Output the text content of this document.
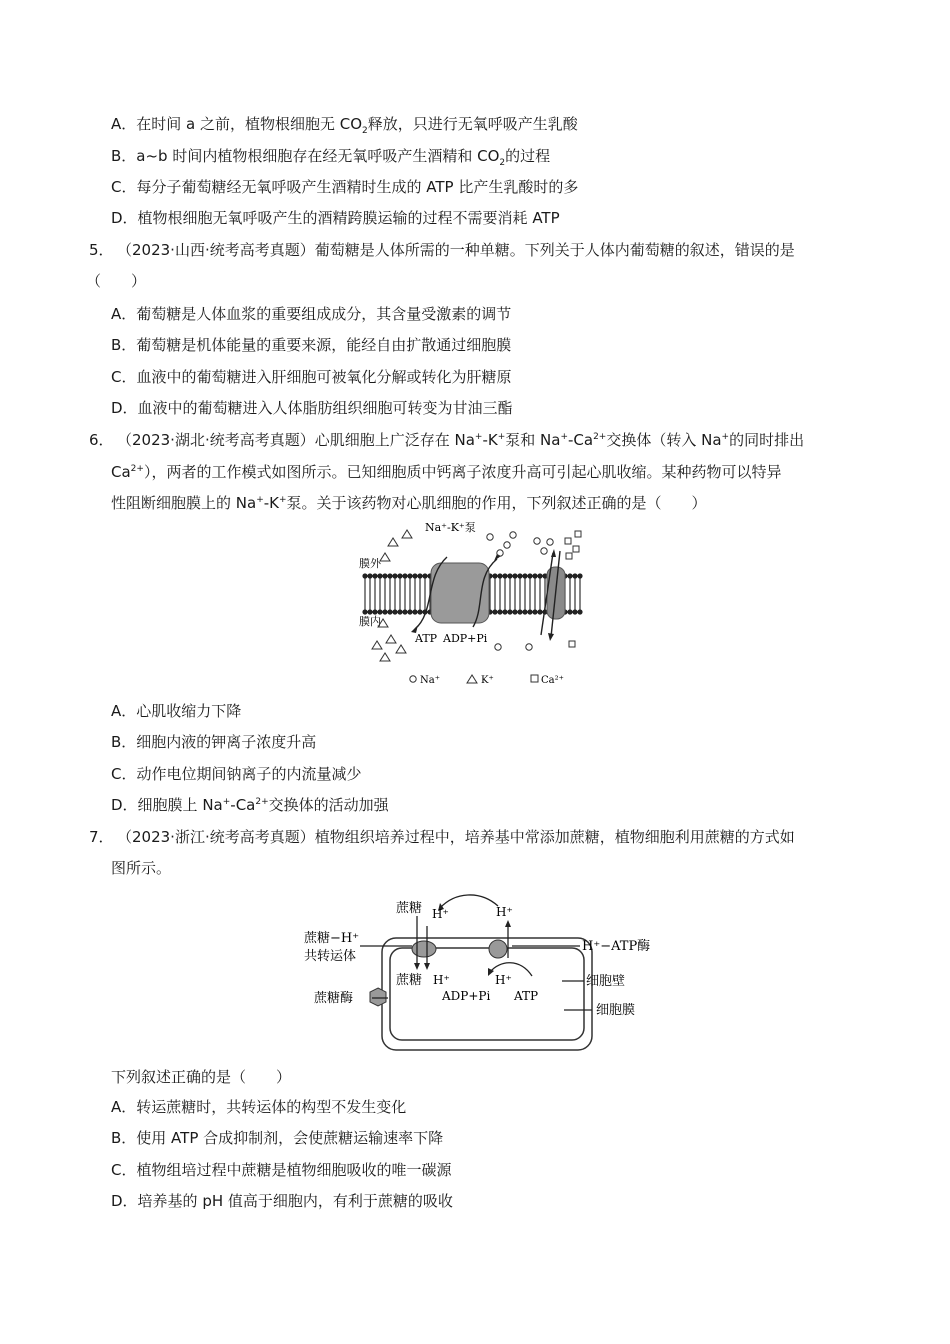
A．在时间 a 之前，植物根细胞无 $CO_2$释放，只进行无氧呼吸产生乳酸
B．a~b 时间内植物根细胞存在经无氧呼吸产生酒精和 $CO_2$的过程
C．每分子葡萄糖经无氧呼吸产生酒精时生成的 ATP 比产生乳酸时的多
D．植物根细胞无氧呼吸产生的酒精跨膜运输的过程不需要消耗 ATP
5． （2023·山西·统考高考真题）葡萄糖是人体所需的一种单糖。下列关于人体内葡萄糖的叙述，错误的是
（　　）
A．葡萄糖是人体血浆的重要组成成分，其含量受激素的调节
B．葡萄糖是机体能量的重要来源，能经自由扩散通过细胞膜
C．血液中的葡萄糖进入肝细胞可被氧化分解或转化为肝糖原
D．血液中的葡萄糖进入人体脂肪组织细胞可转变为甘油三酯
6． （2023·湖北·统考高考真题）心肌细胞上广泛存在 Na+-K+泵和 $Na^+-Ca^{2+}$交换体（转入 Na+的同时排出
$Ca^{2+}$），两者的工作模式如图所示。已知细胞质中钙离子浓度升高可引起心肌收缩。某种药物可以特异
性阻断细胞膜上的 Na+-K+泵。关于该药物对心肌细胞的作用，下列叙述正确的是（　　）
膜外
膜内
Na⁺-K⁺泵
ATP ADP+Pi
Na⁺	K⁺	Ca²⁺
A．心肌收缩力下降
B．细胞内液的钾离子浓度升高
C．动作电位期间钠离子的内流量减少
D．细胞膜上 $Na^+-Ca^{2+}$交换体的活动加强
7． （2023·浙江·统考高考真题）植物组织培养过程中，培养基中常添加蔗糖，植物细胞利用蔗糖的方式如
图所示。
蔗糖 H⁺	H⁺
蔗糖−H⁺
共转运体
H⁺−ATP酶
蔗糖 H⁺	H⁺
ADP+Pi ATP
细胞壁
蔗糖酶
细胞膜
下列叙述正确的是（　　）
A．转运蔗糖时，共转运体的构型不发生变化
B．使用 ATP 合成抑制剂，会使蔗糖运输速率下降
C．植物组培过程中蔗糖是植物细胞吸收的唯一碳源
D．培养基的 pH 值高于细胞内，有利于蔗糖的吸收
